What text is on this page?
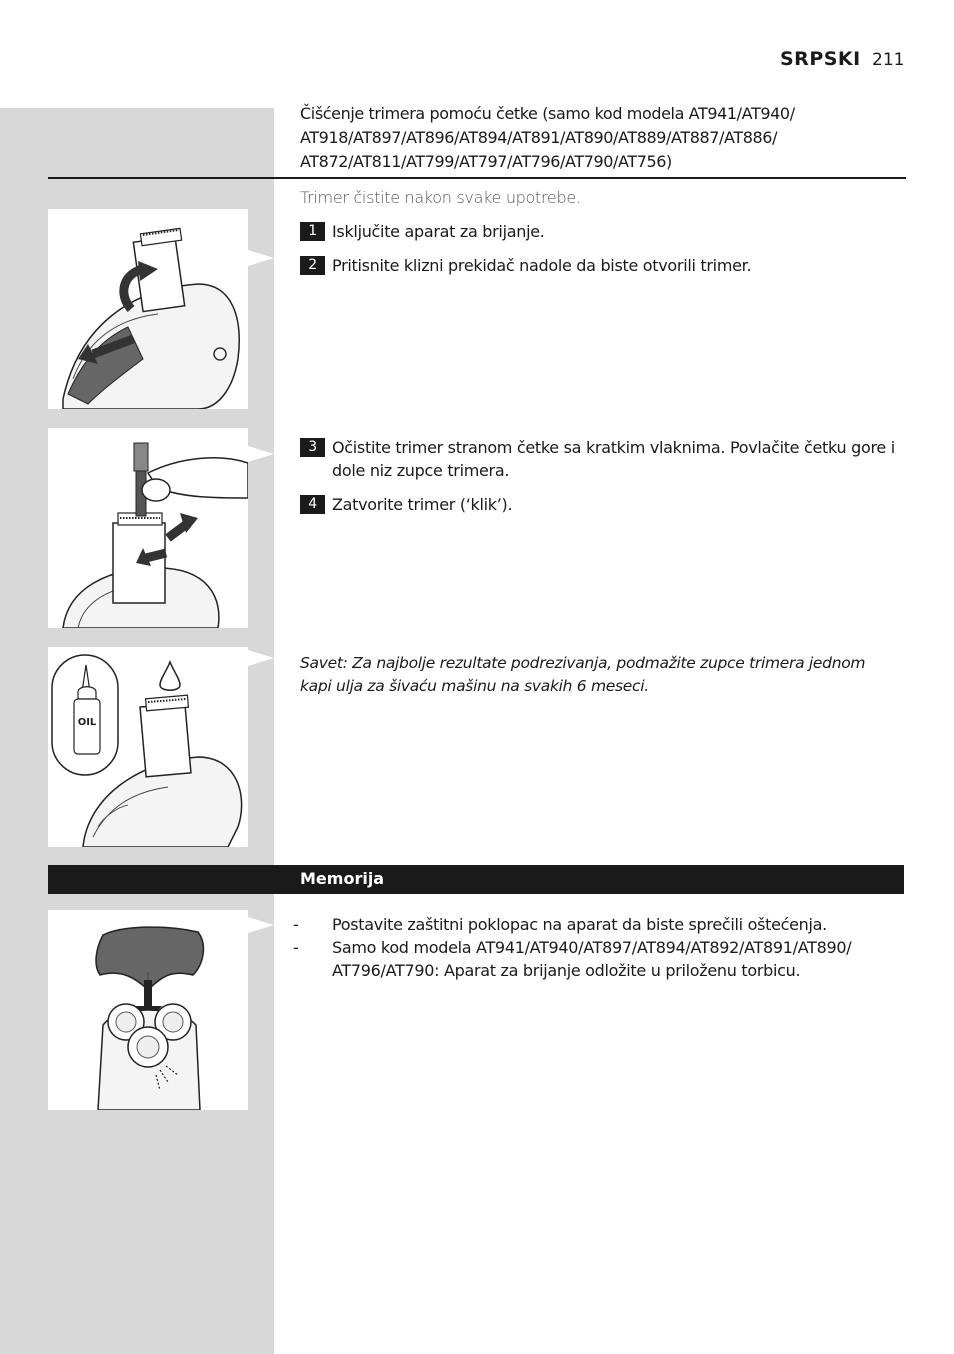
SRPSKI 211
Čišćenje trimera pomoću četke (samo kod modela AT941/AT940/ AT918/AT897/AT896/AT894/AT891/AT890/AT889/AT887/AT886/ AT872/AT811/AT799/AT797/AT796/AT790/AT756)
Trimer čistite nakon svake upotrebe.
1 Isključite aparat za brijanje.
2 Pritisnite klizni prekidač nadole da biste otvorili trimer.
3 Očistite trimer stranom četke sa kratkim vlaknima. Povlačite četku gore i dole niz zupce trimera.
4 Zatvorite trimer (‘klik’).
Savet: Za najbolje rezultate podrezivanja, podmažite zupce trimera jednom kapi ulja za šivaću mašinu na svakih 6 meseci.
OIL
Memorija
- Postavite zaštitni poklopac na aparat da biste sprečili oštećenja.
- Samo kod modela AT941/AT940/AT897/AT894/AT892/AT891/AT890/ AT796/AT790: Aparat za brijanje odložite u priloženu torbicu.
